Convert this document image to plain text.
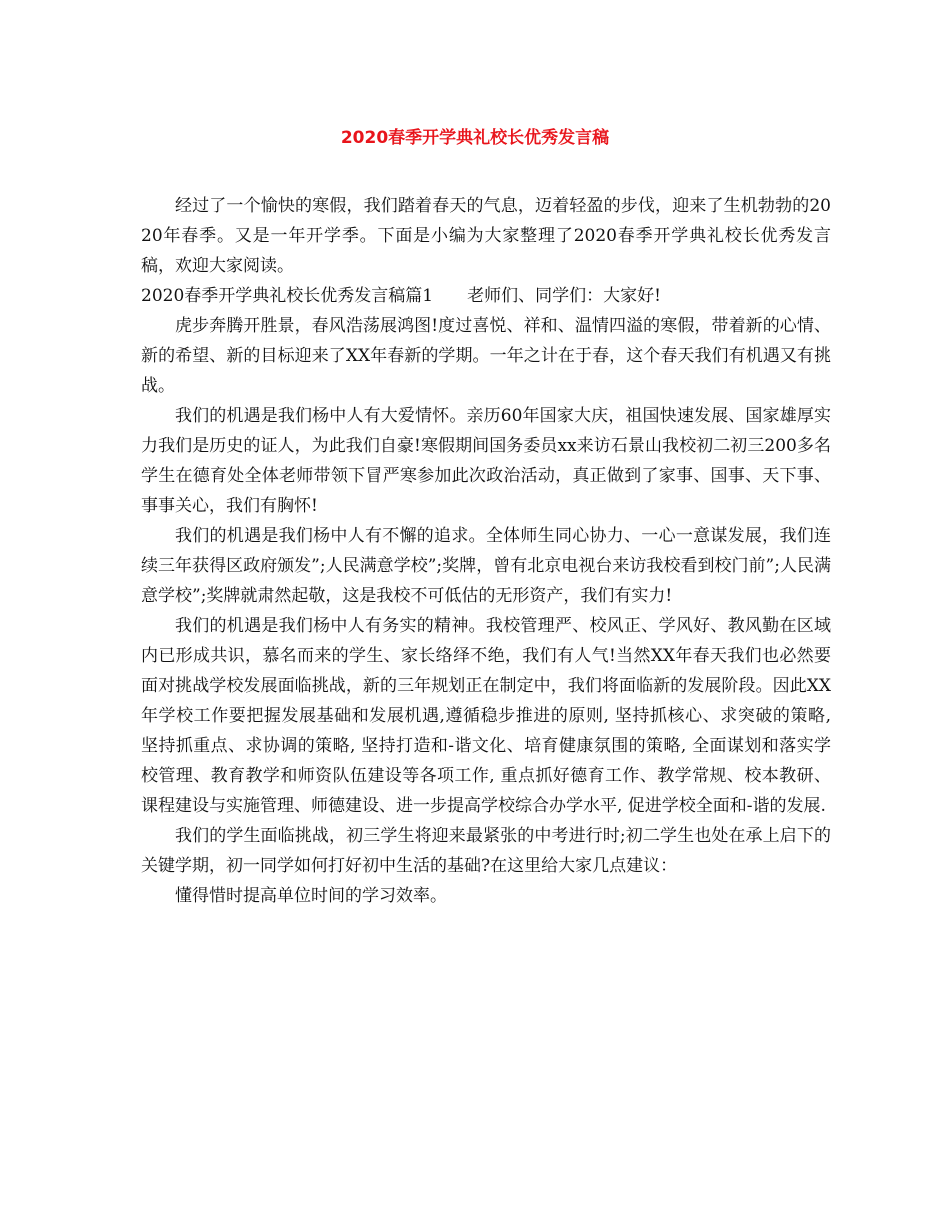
2020春季开学典礼校长优秀发言稿

经过了一个愉快的寒假，我们踏着春天的气息，迈着轻盈的步伐，迎来了生机勃勃的2020年春季。又是一年开学季。下面是小编为大家整理了2020春季开学典礼校长优秀发言稿，欢迎大家阅读。

2020春季开学典礼校长优秀发言稿篇1 老师们、同学们：大家好!

虎步奔腾开胜景，春风浩荡展鸿图!度过喜悦、祥和、温情四溢的寒假，带着新的心情、新的希望、新的目标迎来了XX年春新的学期。一年之计在于春，这个春天我们有机遇又有挑战。

我们的机遇是我们杨中人有大爱情怀。亲历60年国家大庆，祖国快速发展、国家雄厚实力我们是历史的证人，为此我们自豪!寒假期间国务委员xx来访石景山我校初二初三200多名学生在德育处全体老师带领下冒严寒参加此次政治活动，真正做到了家事、国事、天下事、事事关心，我们有胸怀!

我们的机遇是我们杨中人有不懈的追求。全体师生同心协力、一心一意谋发展，我们连续三年获得区政府颁发”;人民满意学校”;奖牌，曾有北京电视台来访我校看到校门前”;人民满意学校”;奖牌就肃然起敬，这是我校不可低估的无形资产，我们有实力!

我们的机遇是我们杨中人有务实的精神。我校管理严、校风正、学风好、教风勤在区域内已形成共识，慕名而来的学生、家长络绎不绝，我们有人气!当然XX年春天我们也必然要面对挑战学校发展面临挑战，新的三年规划正在制定中，我们将面临新的发展阶段。因此XX年学校工作要把握发展基础和发展机遇,遵循稳步推进的原则, 坚持抓核心、求突破的策略, 坚持抓重点、求协调的策略, 坚持打造和-谐文化、培育健康氛围的策略, 全面谋划和落实学校管理、教育教学和师资队伍建设等各项工作, 重点抓好德育工作、教学常规、校本教研、课程建设与实施管理、师德建设、进一步提高学校综合办学水平, 促进学校全面和-谐的发展.

我们的学生面临挑战，初三学生将迎来最紧张的中考进行时;初二学生也处在承上启下的关键学期，初一同学如何打好初中生活的基础?在这里给大家几点建议：

懂得惜时提高单位时间的学习效率。
